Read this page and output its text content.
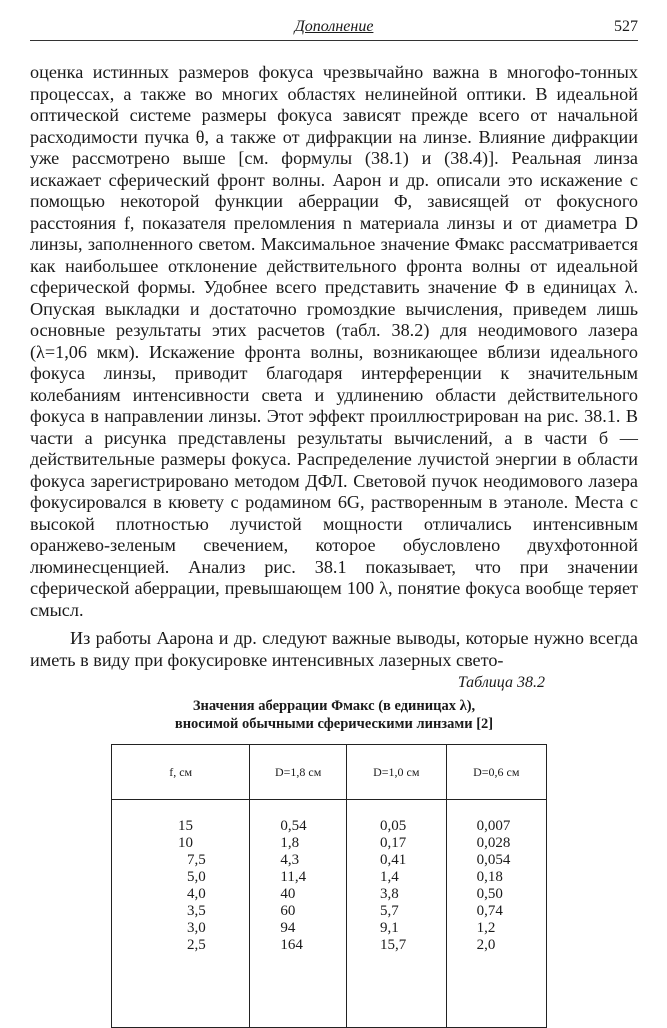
Дополнение	527

оценка истинных размеров фокуса чрезвычайно важна в многофо-тонных процессах, а также во многих областях нелинейной оптики. В идеальной оптической системе размеры фокуса зависят прежде всего от начальной расходимости пучка θ, а также от дифракции на линзе. Влияние дифракции уже рассмотрено выше [см. формулы (38.1) и (38.4)]. Реальная линза искажает сферический фронт волны. Аарон и др. описали это искажение с помощью некоторой функции аберрации Φ, зависящей от фокусного расстояния f, показателя преломления n материала линзы и от диаметра D линзы, заполненного светом. Максимальное значение Φмакс рассматривается как наибольшее отклонение действительного фронта волны от идеальной сферической формы. Удобнее всего представить значение Φ в единицах λ. Опуская выкладки и достаточно громоздкие вычисления, приведем лишь основные результаты этих расчетов (табл. 38.2) для неодимового лазера (λ=1,06 мкм). Искажение фронта волны, возникающее вблизи идеального фокуса линзы, приводит благодаря интерференции к значительным колебаниям интенсивности света и удлинению области действительного фокуса в направлении линзы. Этот эффект проиллюстрирован на рис. 38.1. В части а рисунка представлены результаты вычислений, а в части б — действительные размеры фокуса. Распределение лучистой энергии в области фокуса зарегистрировано методом ДФЛ. Световой пучок неодимового лазера фокусировался в кювету с родамином 6G, растворенным в этаноле. Места с высокой плотностью лучистой мощности отличались интенсивным оранжево-зеленым свечением, которое обусловлено двухфотонной люминесценцией. Анализ рис. 38.1 показывает, что при значении сферической аберрации, превышающем 100 λ, понятие фокуса вообще теряет смысл.

Из работы Аарона и др. следуют важные выводы, которые нужно всегда иметь в виду при фокусировке интенсивных лазерных свето-

Таблица 38.2
Значения аберрации Φмакс (в единицах λ),
вносимой обычными сферическими линзами [2]
f, см	D=1,8 см	D=1,0 см	D=0,6 см
15	0,54	0,05	0,007
10	1,8	0,17	0,028
7,5	4,3	0,41	0,054
5,0	11,4	1,4	0,18
4,0	40	3,8	0,50
3,5	60	5,7	0,74
3,0	94	9,1	1,2
2,5	164	15,7	2,0
